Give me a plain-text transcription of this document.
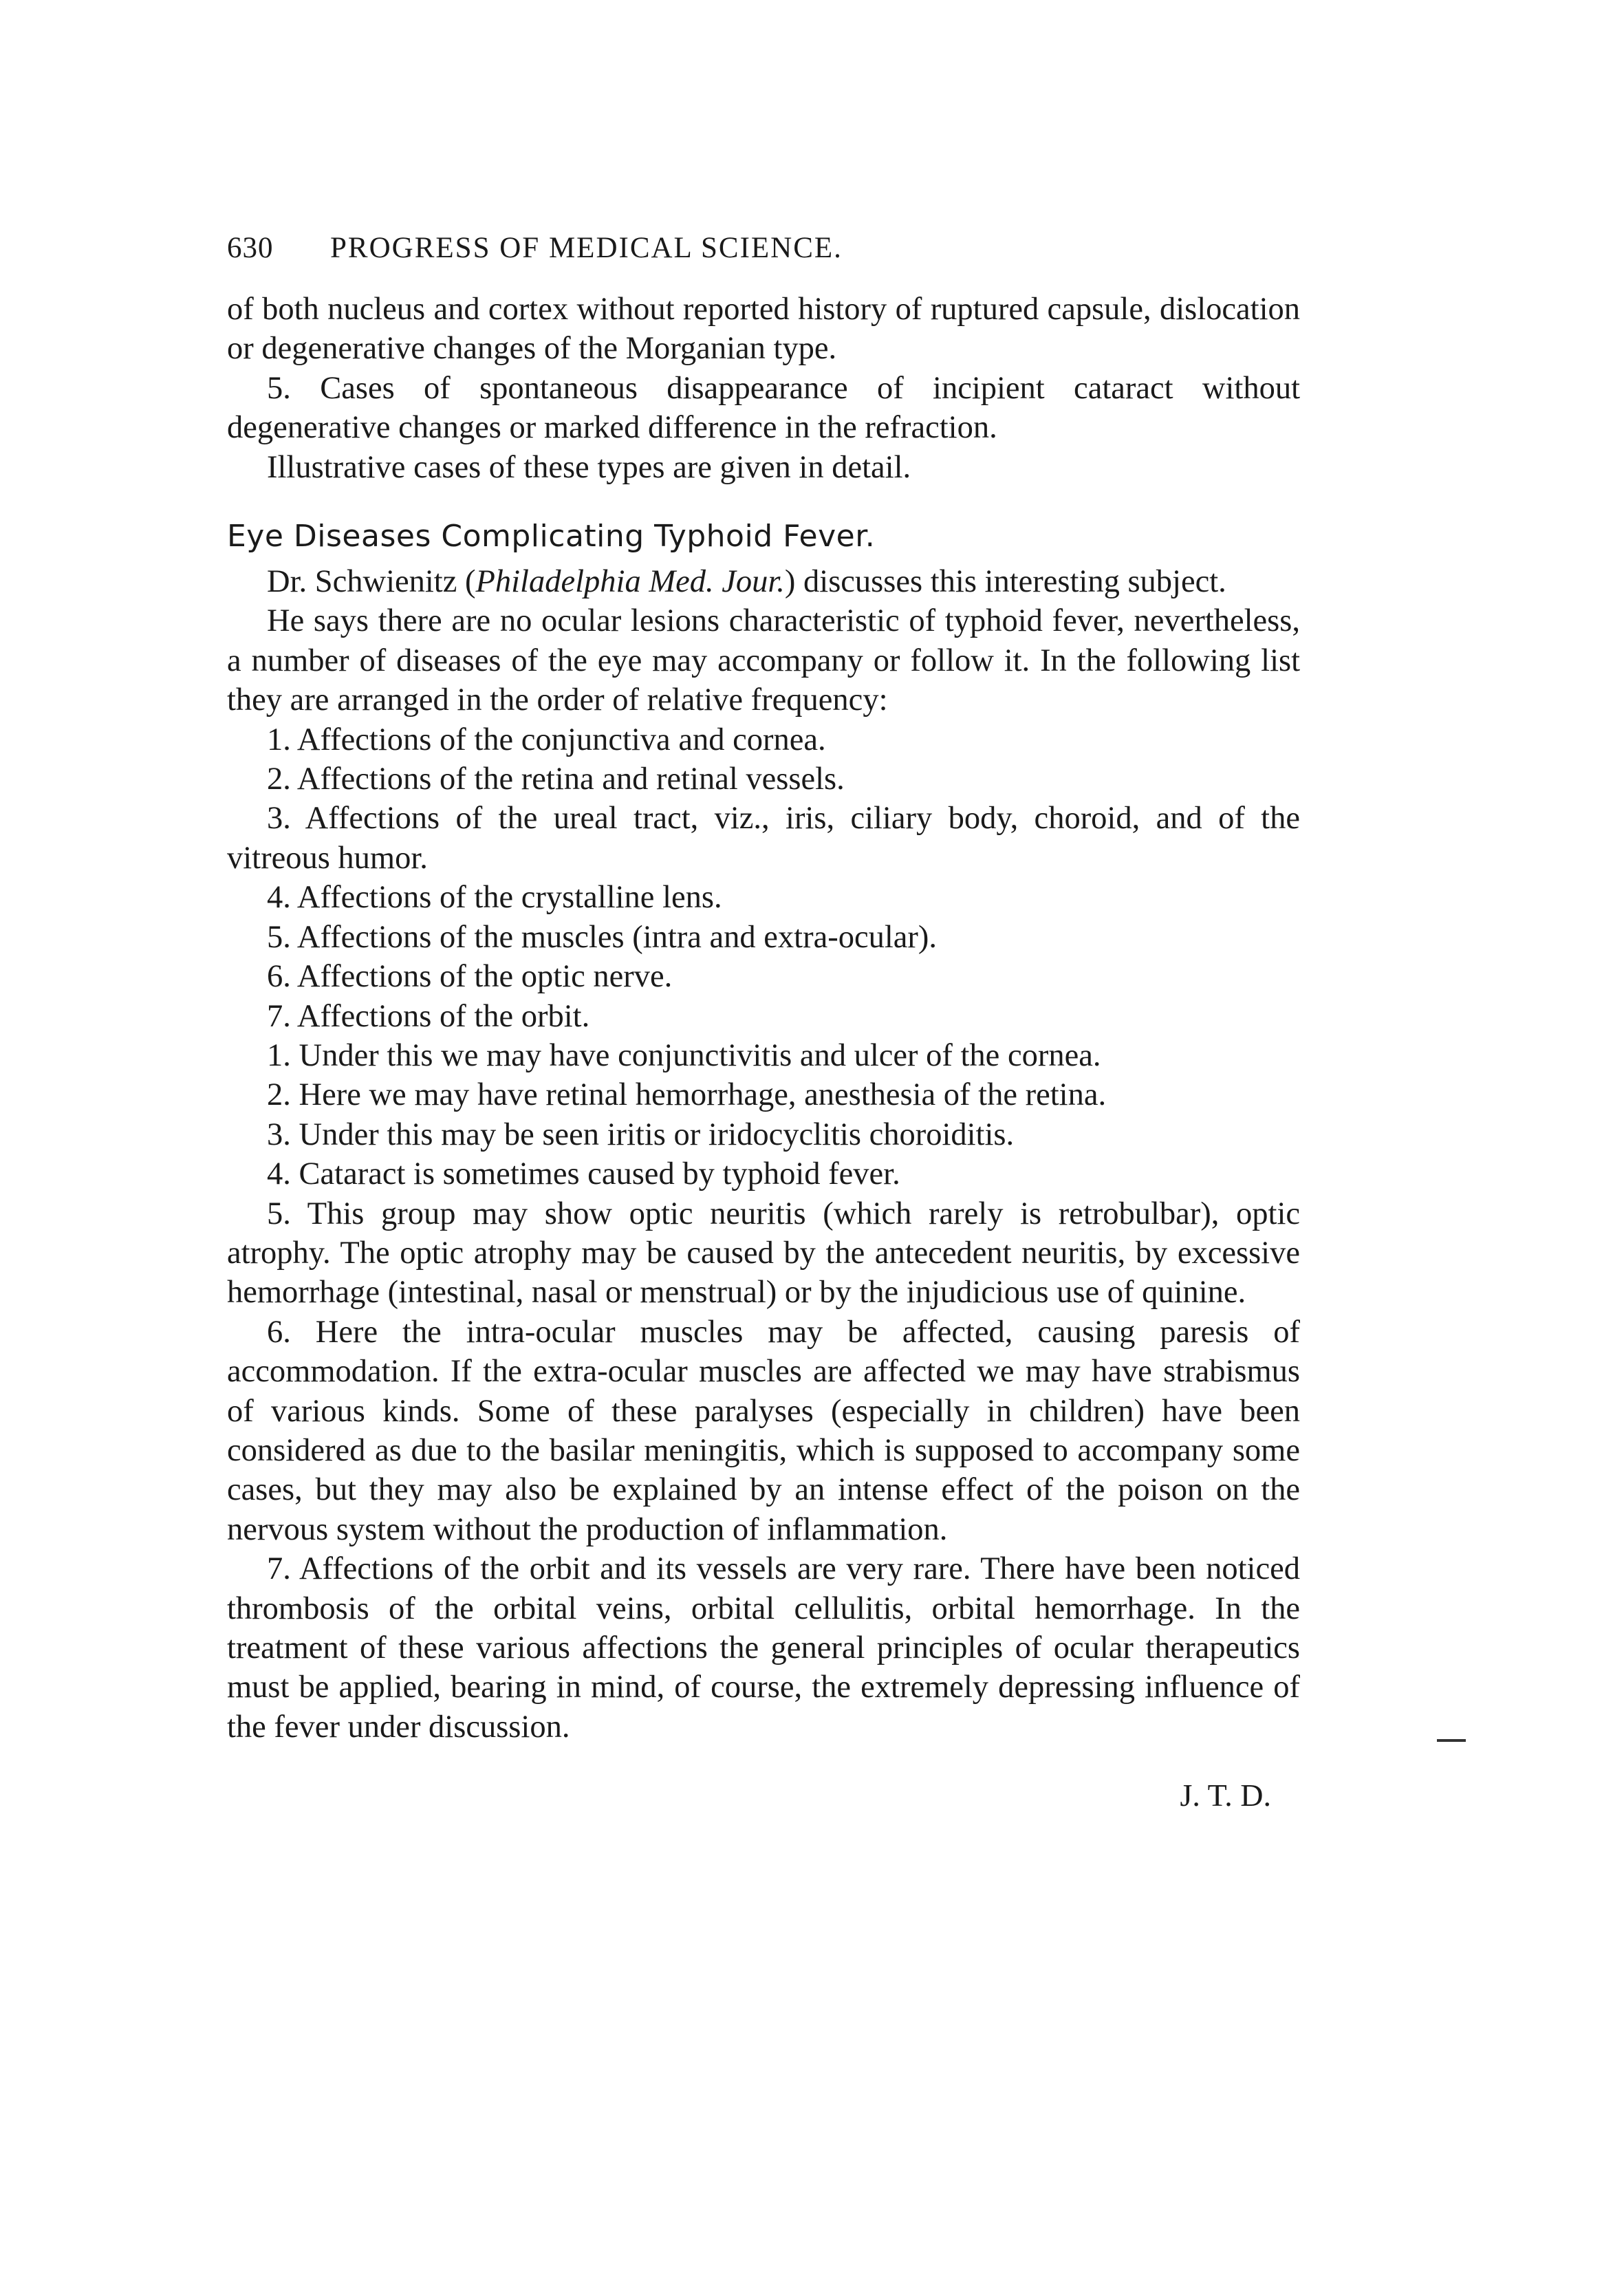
630	PROGRESS OF MEDICAL SCIENCE.

of both nucleus and cortex without reported history of ruptured capsule, dislocation or degenerative changes of the Morganian type.

5. Cases of spontaneous disappearance of incipient cataract without degenerative changes or marked difference in the refraction.

Illustrative cases of these types are given in detail.

Eye Diseases Complicating Typhoid Fever.

Dr. Schwienitz (Philadelphia Med. Jour.) discusses this interesting subject.

He says there are no ocular lesions characteristic of typhoid fever, nevertheless, a number of diseases of the eye may accompany or follow it. In the following list they are arranged in the order of relative frequency:

1. Affections of the conjunctiva and cornea.

2. Affections of the retina and retinal vessels.

3. Affections of the ureal tract, viz., iris, ciliary body, choroid, and of the vitreous humor.

4. Affections of the crystalline lens.

5. Affections of the muscles (intra and extra-ocular).

6. Affections of the optic nerve.

7. Affections of the orbit.

1. Under this we may have conjunctivitis and ulcer of the cornea.

2. Here we may have retinal hemorrhage, anesthesia of the retina.

3. Under this may be seen iritis or iridocyclitis choroiditis.

4. Cataract is sometimes caused by typhoid fever.

5. This group may show optic neuritis (which rarely is retrobulbar), optic atrophy. The optic atrophy may be caused by the antecedent neuritis, by excessive hemorrhage (intestinal, nasal or menstrual) or by the injudicious use of quinine.

6. Here the intra-ocular muscles may be affected, causing paresis of accommodation. If the extra-ocular muscles are affected we may have strabismus of various kinds. Some of these paralyses (especially in children) have been considered as due to the basilar meningitis, which is supposed to accompany some cases, but they may also be explained by an intense effect of the poison on the nervous system without the production of inflammation.

7. Affections of the orbit and its vessels are very rare. There have been noticed thrombosis of the orbital veins, orbital cellulitis, orbital hemorrhage. In the treatment of these various affections the general principles of ocular therapeutics must be applied, bearing in mind, of course, the extremely depressing influence of the fever under discussion.

J. T. D.
